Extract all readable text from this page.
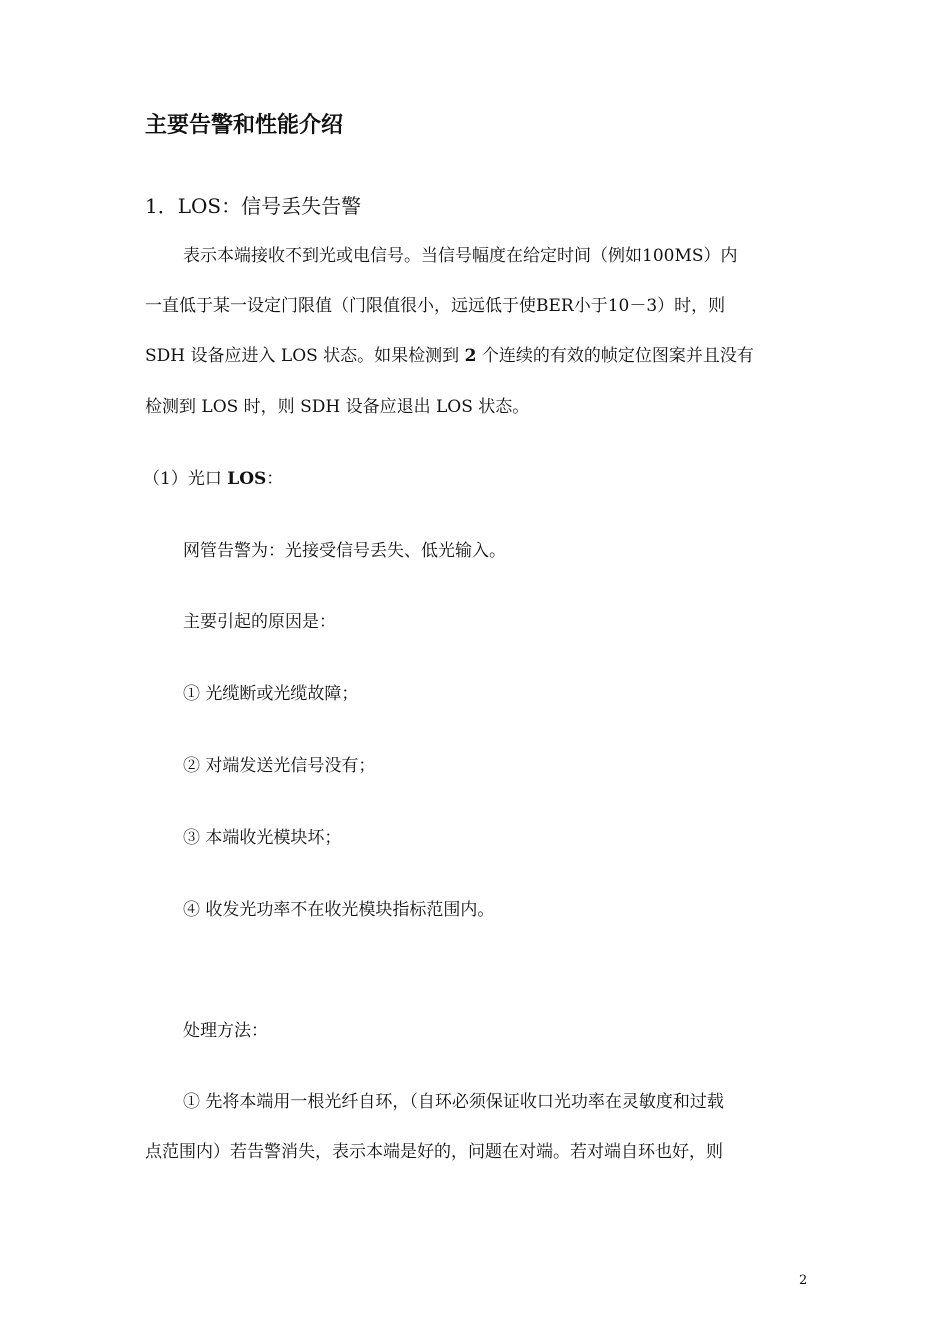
主要告警和性能介绍
1．LOS：信号丢失告警
表示本端接收不到光或电信号。当信号幅度在给定时间（例如100MS）内
一直低于某一设定门限值（门限值很小，远远低于使BER小于10－3）时，则
SDH 设备应进入 LOS 状态。如果检测到 2 个连续的有效的帧定位图案并且没有
检测到 LOS 时，则 SDH 设备应退出 LOS 状态。
（1）光口 LOS：
网管告警为：光接受信号丢失、低光输入。
主要引起的原因是：
① 光缆断或光缆故障；
② 对端发送光信号没有；
③ 本端收光模块坏；
④ 收发光功率不在收光模块指标范围内。
处理方法：
① 先将本端用一根光纤自环，（自环必须保证收口光功率在灵敏度和过载
点范围内）若告警消失，表示本端是好的，问题在对端。若对端自环也好，则
2
